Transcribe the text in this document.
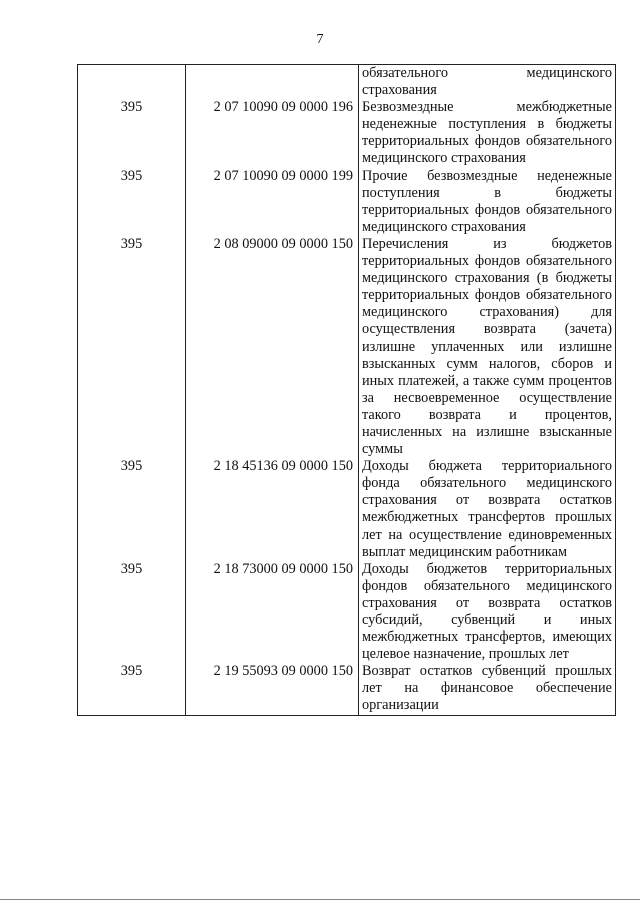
7

		обязательного медицинского страхования

395	2 07 10090 09 0000 196	Безвозмездные межбюджетные неденежные поступления в бюджеты территориальных фондов обязательного медицинского страхования

395	2 07 10090 09 0000 199	Прочие безвозмездные неденежные поступления в бюджеты территориальных фондов обязательного медицинского страхования

395	2 08 09000 09 0000 150	Перечисления из бюджетов территориальных фондов обязательного медицинского страхования (в бюджеты территориальных фондов обязательного медицинского страхования) для осуществления возврата (зачета) излишне уплаченных или излишне взысканных сумм налогов, сборов и иных платежей, а также сумм процентов за несвоевременное осуществление такого возврата и процентов, начисленных на излишне взысканные суммы

395	2 18 45136 09 0000 150	Доходы бюджета территориального фонда обязательного медицинского страхования от возврата остатков межбюджетных трансфертов прошлых лет на осуществление единовременных выплат медицинским работникам

395	2 18 73000 09 0000 150	Доходы бюджетов территориальных фондов обязательного медицинского страхования от возврата остатков субсидий, субвенций и иных межбюджетных трансфертов, имеющих целевое назначение, прошлых лет

395	2 19 55093 09 0000 150	Возврат остатков субвенций прошлых лет на финансовое обеспечение организации
